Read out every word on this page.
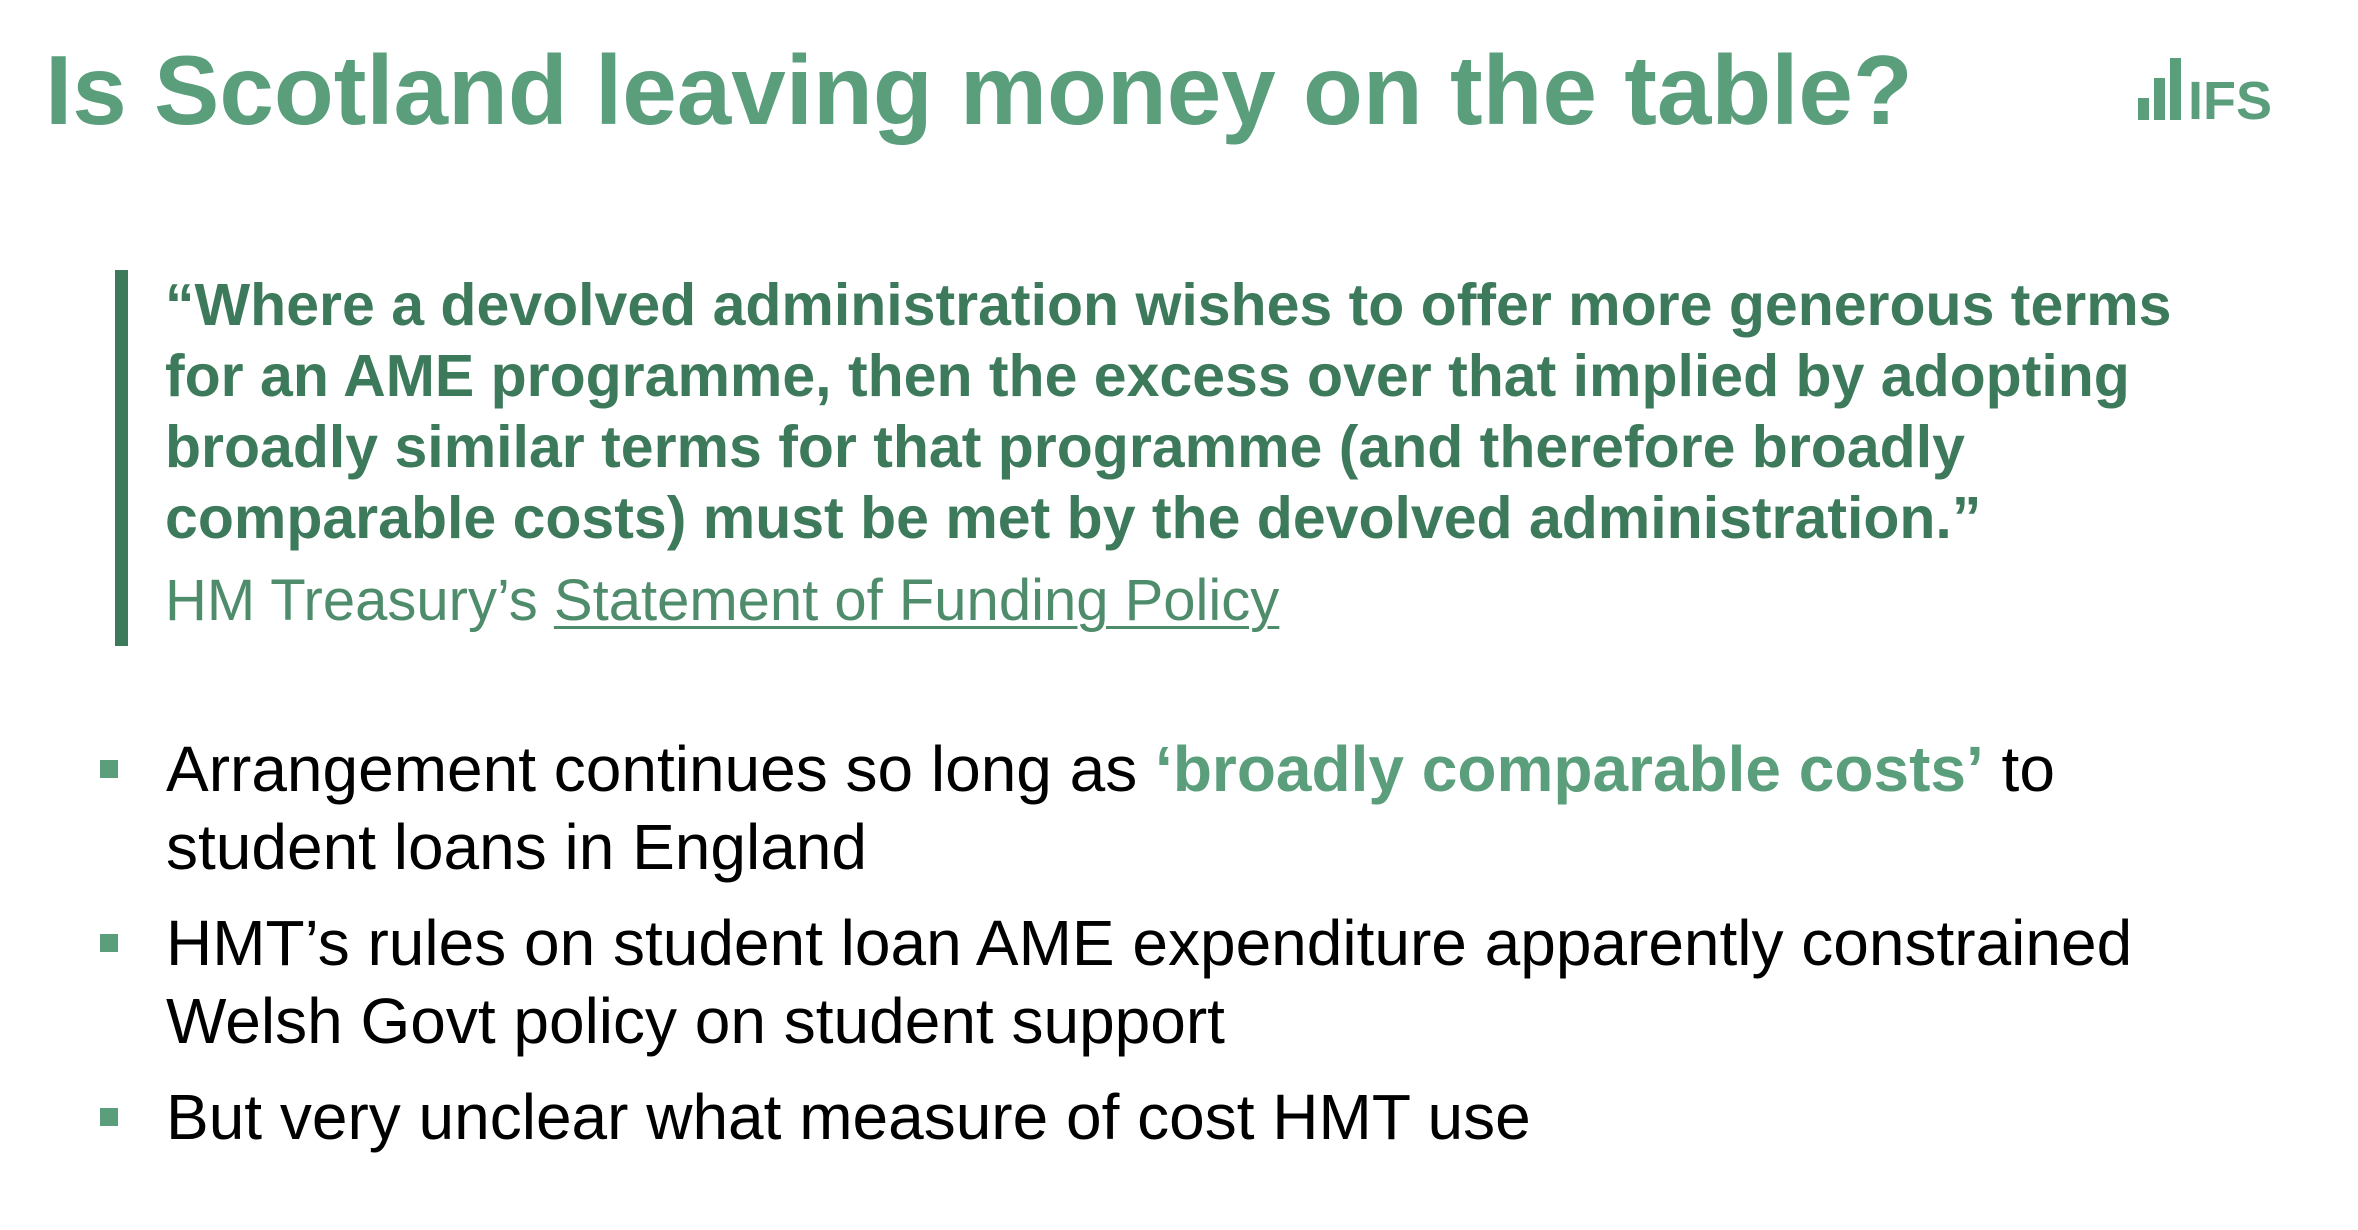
Is Scotland leaving money on the table?	IFS

“Where a devolved administration wishes to offer more generous terms for an AME programme, then the excess over that implied by adopting broadly similar terms for that programme (and therefore broadly comparable costs) must be met by the devolved administration.”

HM Treasury’s Statement of Funding Policy

Arrangement continues so long as ‘broadly comparable costs’ to student loans in England
HMT’s rules on student loan AME expenditure apparently constrained Welsh Govt policy on student support
But very unclear what measure of cost HMT use
